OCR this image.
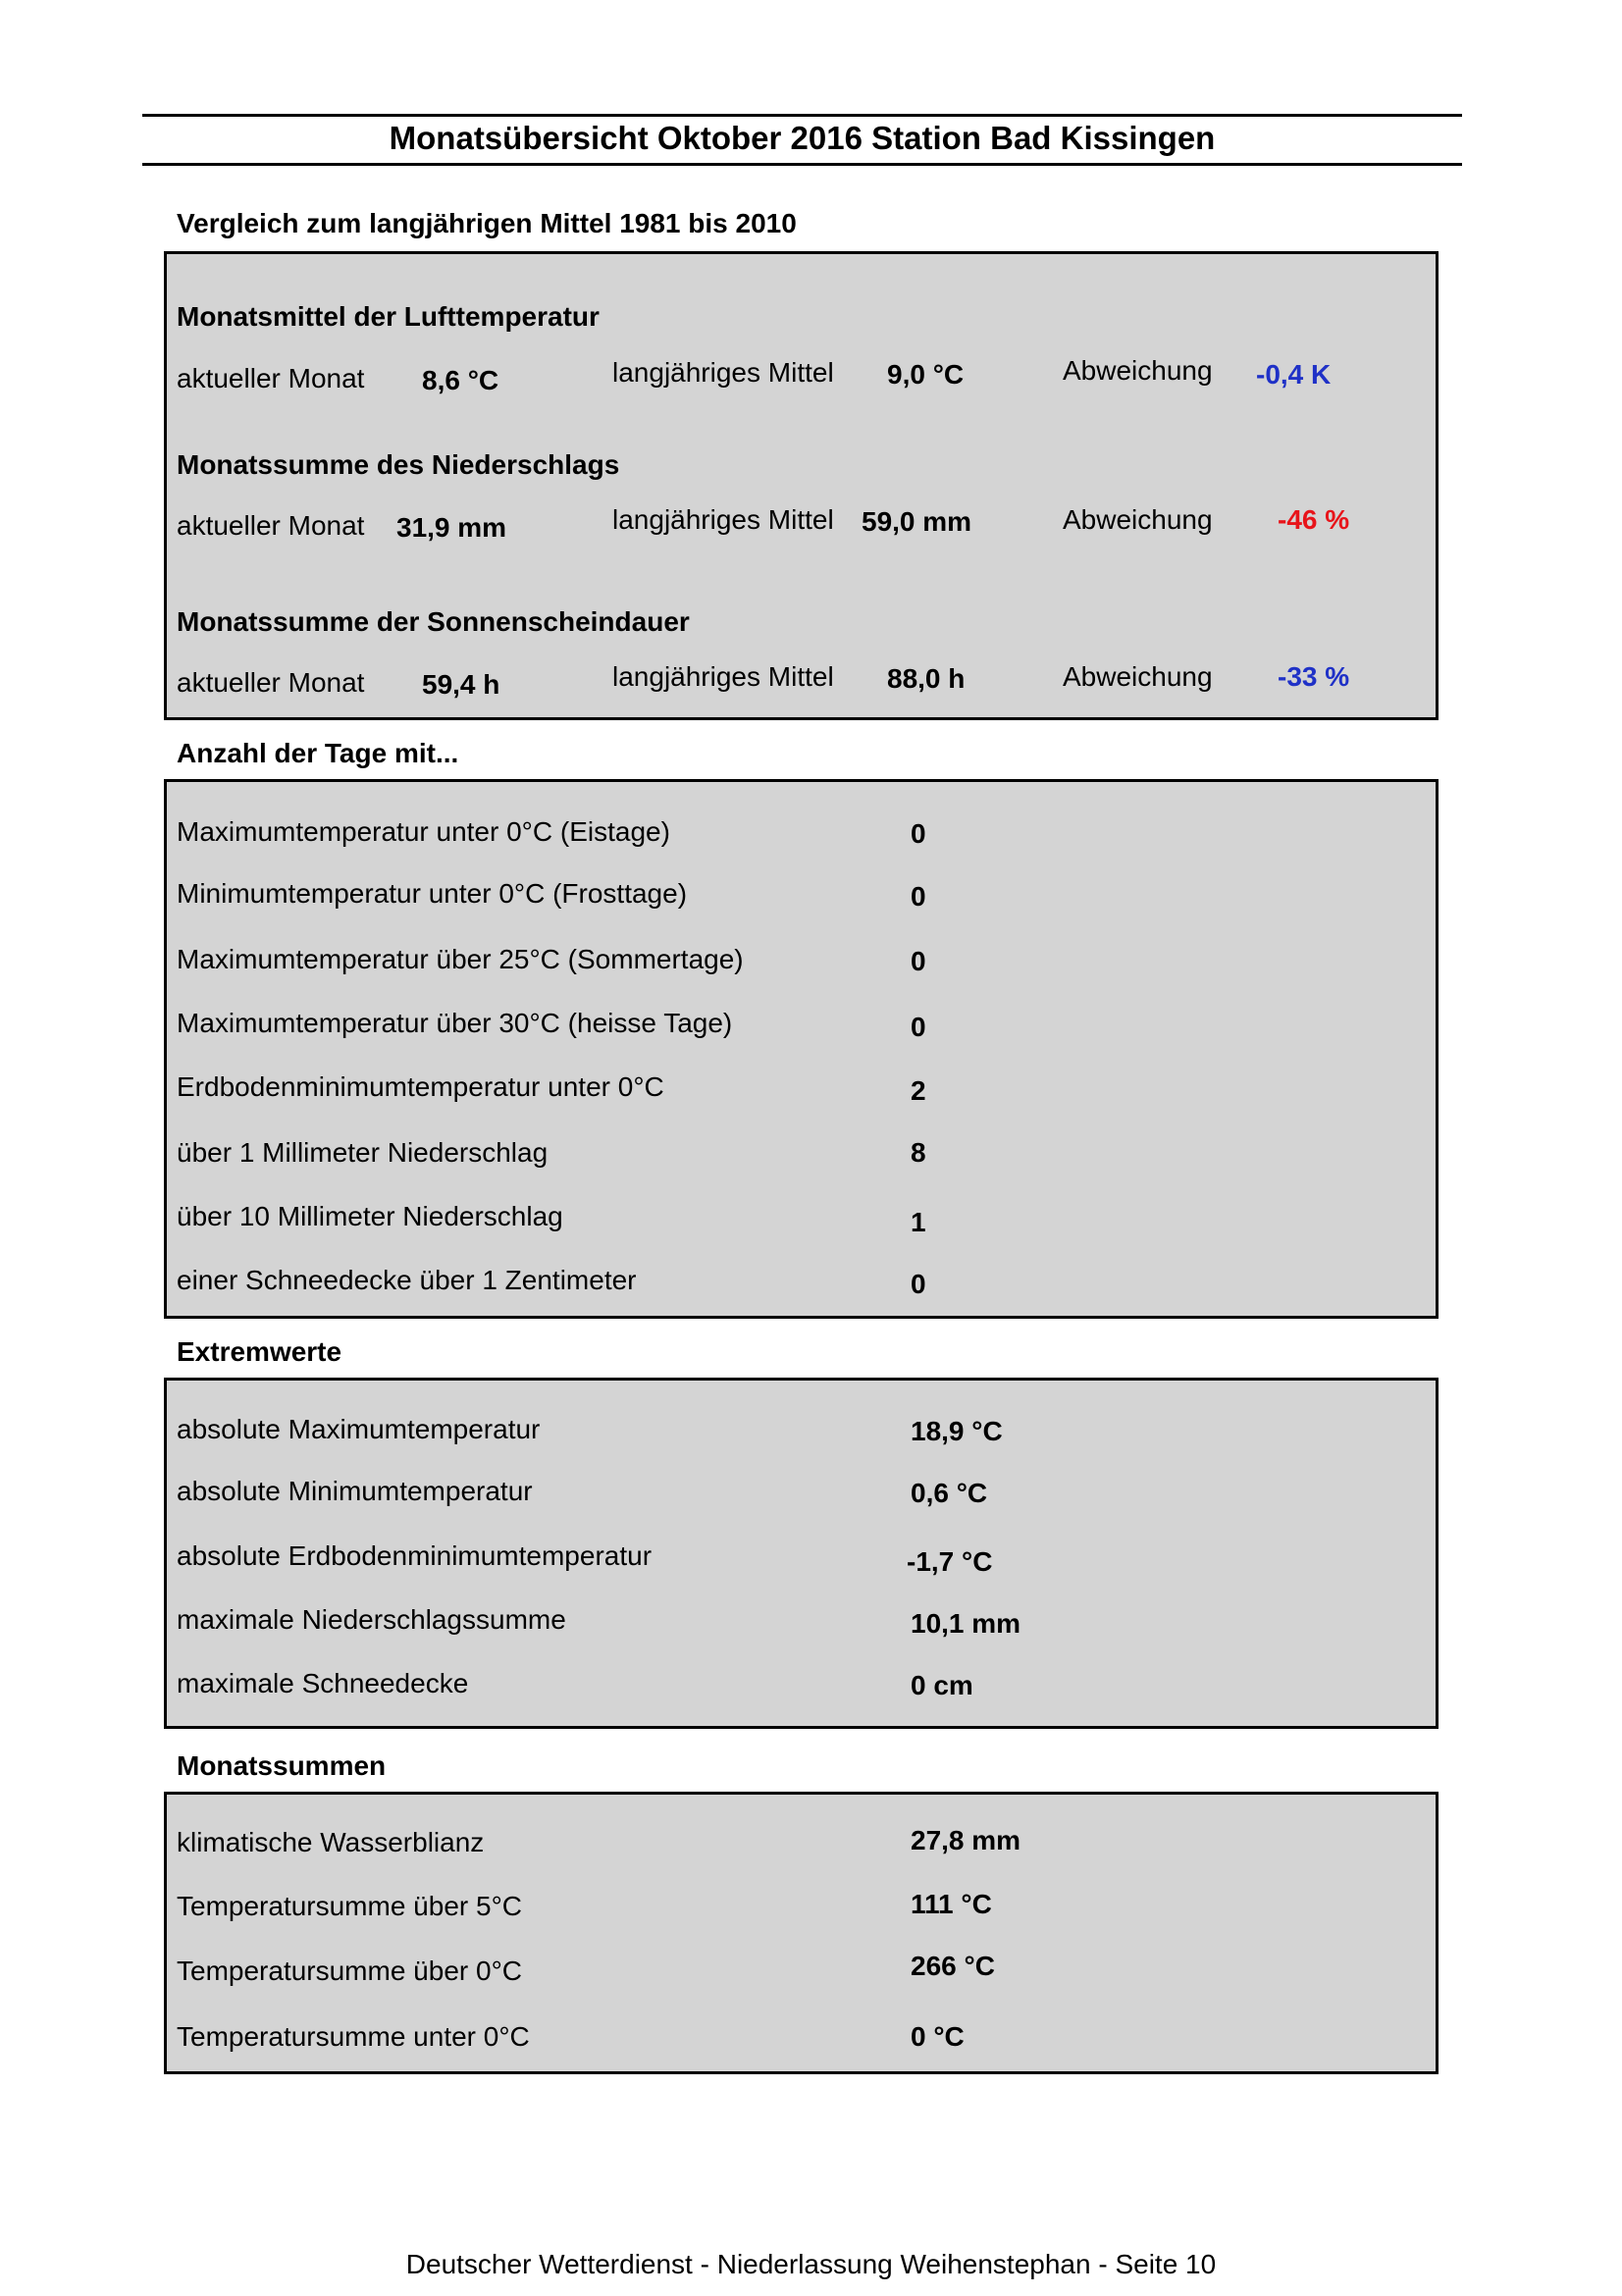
Monatsübersicht Oktober 2016 Station Bad Kissingen
Vergleich zum langjährigen Mittel 1981 bis 2010
Monatsmittel der Lufttemperatur
aktueller Monat 8,6 °C	langjähriges Mittel 9,0 °C	Abweichung -0,4 K
Monatssumme des Niederschlags
aktueller Monat 31,9 mm	langjähriges Mittel 59,0 mm	Abweichung -46 %
Monatssumme der Sonnenscheindauer
aktueller Monat 59,4 h	langjähriges Mittel 88,0 h	Abweichung -33 %
Anzahl der Tage mit...
Maximumtemperatur unter 0°C (Eistage)	0
Minimumtemperatur unter 0°C (Frosttage)	0
Maximumtemperatur über 25°C (Sommertage)	0
Maximumtemperatur über 30°C (heisse Tage)	0
Erdbodenminimumtemperatur unter 0°C	2
über 1 Millimeter Niederschlag	8
über 10 Millimeter Niederschlag	1
einer Schneedecke über 1 Zentimeter	0
Extremwerte
absolute Maximumtemperatur	18,9 °C
absolute Minimumtemperatur	0,6 °C
absolute Erdbodenminimumtemperatur	-1,7 °C
maximale Niederschlagssumme	10,1 mm
maximale Schneedecke	0 cm
Monatssummen
klimatische Wasserblianz	27,8 mm
Temperatursumme über 5°C	111 °C
Temperatursumme über 0°C	266 °C
Temperatursumme unter 0°C	0 °C
Deutscher Wetterdienst - Niederlassung Weihenstephan - Seite 10
